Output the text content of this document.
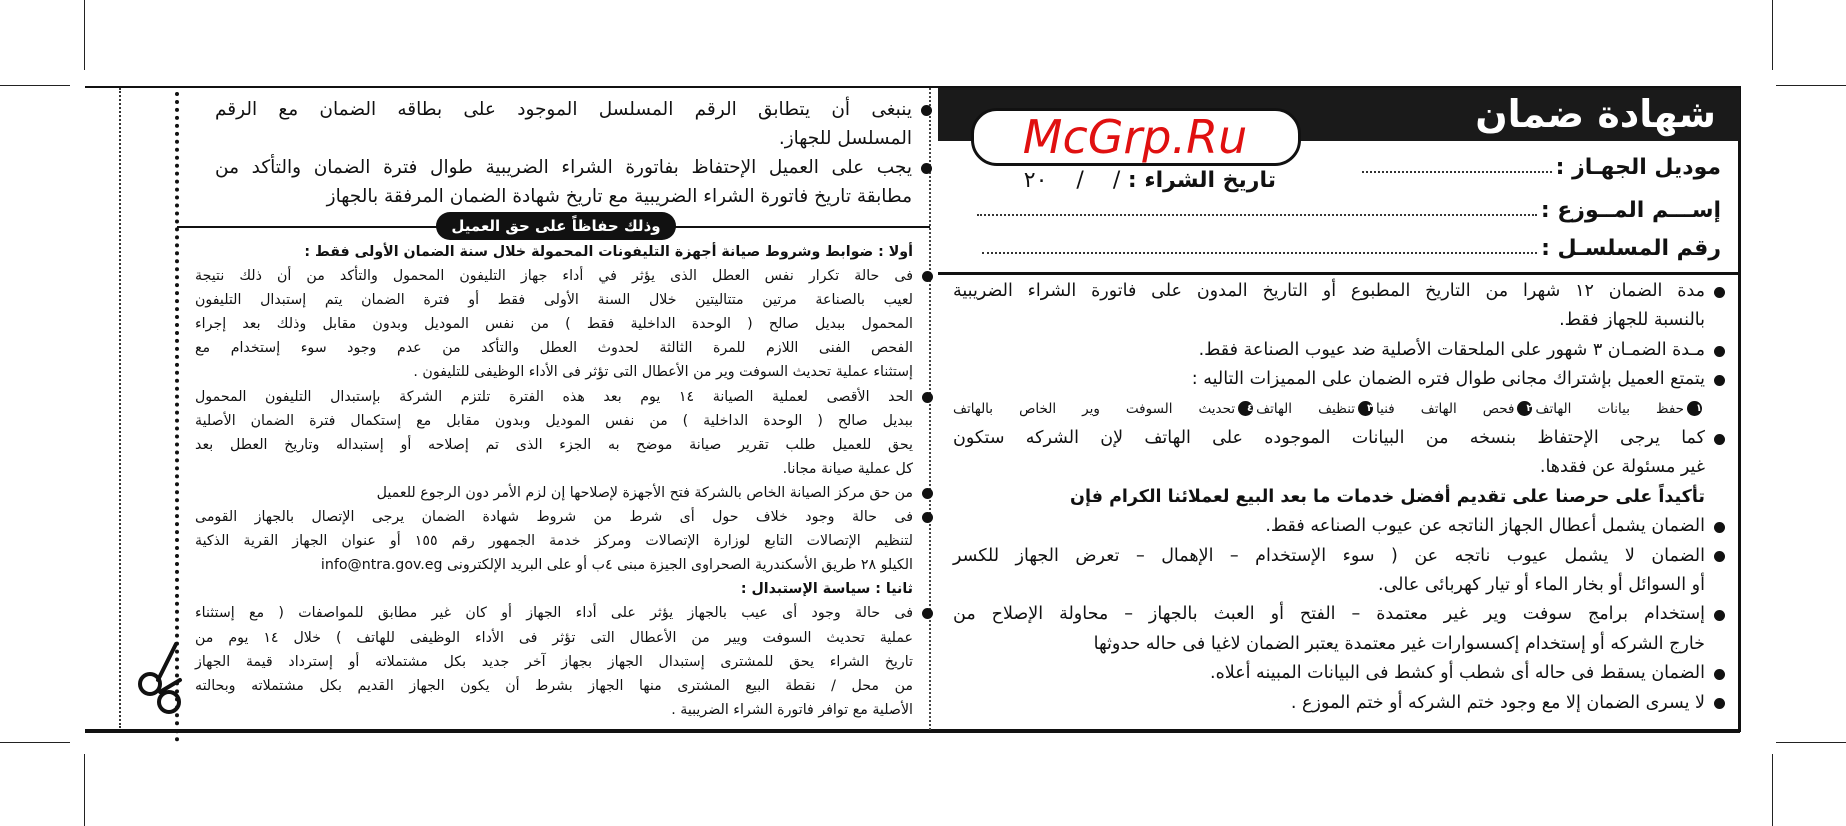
شهادة ضمان
McGrp.Ru
موديل الجهـاز :
تاريخ الشراء : / / ٢٠
إســـم المــوزع :
رقم المسلسـل :
مدة الضمان ١٢ شهرا من التاريخ المطبوع أو التاريخ المدون على فاتورة الشراء الضريبية
بالنسبة للجهاز فقط.
مـدة الضمـان ٣ شهور على الملحقات الأصلية ضد عيوب الصناعة فقط.
يتمتع العميل بإشتراك مجانى طوال فتره الضمان على المميزات التاليه :
١حفظ بيانات الهاتف٢فحص الهاتف فنيا٣تنظيف الهاتف٤تحديث السوفت وير الخاص بالهاتف
كما يرجى الإحتفاظ بنسخه من البيانات الموجوده على الهاتف لإن الشركه ستكون
غير مسئولة عن فقدها.
تأكيداً على حرصنا على تقديم أفضل خدمات ما بعد البيع لعملائنا الكرام فإن
الضمان يشمل أعطال الجهاز الناتجه عن عيوب الصناعه فقط.
الضمان لا يشمل عيوب ناتجه عن ( سوء الإستخدام – الإهمال – تعرض الجهاز للكسر
أو السوائل أو بخار الماء أو تيار كهربائى عالى.
إستخدام برامج سوفت وير غير معتمدة – الفتح أو العبث بالجهاز – محاولة الإصلاح من
خارج الشركه أو إستخدام إكسسوارات غير معتمدة يعتبر الضمان لاغيا فى حاله حدوثها
الضمان يسقط فى حاله أى شطب أو كشط فى البيانات المبينه أعلاه.
لا يسرى الضمان إلا مع وجود ختم الشركه أو ختم الموزع .
ينبغى أن يتطابق الرقم المسلسل الموجود على بطاقه الضمان مع الرقم
المسلسل للجهاز.
يجب على العميل الإحتفاظ بفاتورة الشراء الضريبية طوال فترة الضمان والتأكد من
مطابقة تاريخ فاتورة الشراء الضريبية مع تاريخ شهادة الضمان المرفقة بالجهاز
وذلك حفاظاً على حق العميل
أولا : ضوابط وشروط صيانة أجهزة التليفونات المحمولة خلال سنة الضمان الأولى فقط :
فى حالة تكرار نفس العطل الذى يؤثر في أداء جهاز التليفون المحمول والتأكد من أن ذلك نتيجة
لعيب بالصناعة مرتين متتاليتين خلال السنة الأولى فقط أو فترة الضمان يتم إستبدال التليفون
المحمول ببديل صالح ( الوحدة الداخلية فقط ) من نفس الموديل وبدون مقابل وذلك بعد إجراء
الفحص الفنى اللازم للمرة الثالثة لحدوث العطل والتأكد من عدم وجود سوء إستخدام مع
إستثناء عملية تحديث السوفت وير من الأعطال التى تؤثر فى الأداء الوظيفى للتليفون .
الحد الأقصى لعملية الصيانة ١٤ يوم بعد هذه الفترة تلتزم الشركة بإستبدال التليفون المحمول
ببديل صالح ( الوحدة الداخلية ) من نفس الموديل وبدون مقابل مع إستكمال فترة الضمان الأصلية
يحق للعميل طلب تقرير صيانة موضح به الجزء الذى تم إصلاحه أو إستبداله وتاريخ العطل بعد
كل عملية صيانة مجانا.
من حق مركز الصيانة الخاص بالشركة فتح الأجهزة لإصلاحها إن لزم الأمر دون الرجوع للعميل
فى حالة وجود خلاف حول أى شرط من شروط شهادة الضمان يرجى الإتصال بالجهاز القومى
لتنظيم الإتصالات التابع لوزارة الإتصالات ومركز خدمة الجمهور رقم ١٥٥ أو عنوان الجهاز القرية الذكية
الكيلو ٢٨ طريق الأسكندرية الصحراوى الجيزة مبنى ٤ب أو على البريد الإلكترونى info@ntra.gov.eg
ثانيا : سياسة الإستبدال :
فى حالة وجود أى عيب بالجهاز يؤثر على أداء الجهاز أو كان غير مطابق للمواصفات ( مع إستثناء
عملية تحديث السوفت ويير من الأعطال التى تؤثر فى الأداء الوظيفى للهاتف ) خلال ١٤ يوم من
تاريخ الشراء يحق للمشترى إستبدال الجهاز بجهاز آخر جديد بكل مشتملاته أو إسترداد قيمة الجهاز
من محل / نقطة البيع المشترى منها الجهاز بشرط أن يكون الجهاز القديم بكل مشتملاته وبحالته
الأصلية مع توافر فاتورة الشراء الضريبية .
